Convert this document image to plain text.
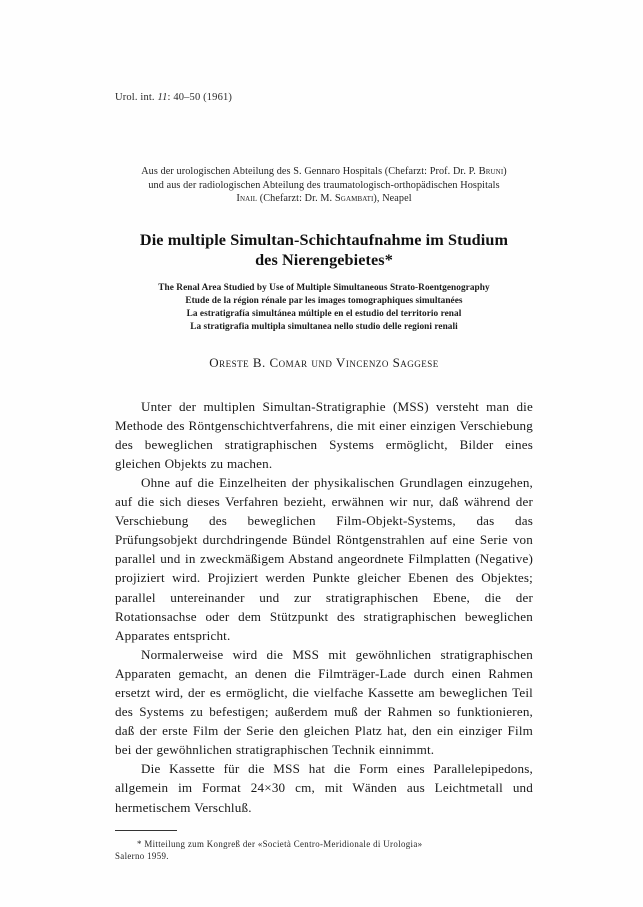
Urol. int. 11: 40–50 (1961)
Aus der urologischen Abteilung des S. Gennaro Hospitals (Chefarzt: Prof. Dr. P. Bruni)
und aus der radiologischen Abteilung des traumatologisch-orthopädischen Hospitals
Inail (Chefarzt: Dr. M. Sgambati), Neapel
Die multiple Simultan-Schichtaufnahme im Studium
des Nierengebietes*
The Renal Area Studied by Use of Multiple Simultaneous Strato-Roentgenography
Etude de la région rénale par les images tomographiques simultanées
La estratigrafía simultánea múltiple en el estudio del territorio renal
La stratigrafia multipla simultanea nello studio delle regioni renali
Oreste B. Comar und Vincenzo Saggese

Unter der multiplen Simultan-Stratigraphie (MSS) versteht man die Methode des Röntgenschichtverfahrens, die mit einer einzigen Verschiebung des beweglichen stratigraphischen Systems ermöglicht, Bilder eines gleichen Objekts zu machen.

Ohne auf die Einzelheiten der physikalischen Grundlagen einzugehen, auf die sich dieses Verfahren bezieht, erwähnen wir nur, daß während der Verschiebung des beweglichen Film-Objekt-Systems, das das Prüfungsobjekt durchdringende Bündel Röntgenstrahlen auf eine Serie von parallel und in zweckmäßigem Abstand angeordnete Filmplatten (Negative) projiziert wird. Projiziert werden Punkte gleicher Ebenen des Objektes; parallel untereinander und zur stratigraphischen Ebene, die der Rotationsachse oder dem Stützpunkt des stratigraphischen beweglichen Apparates entspricht.

Normalerweise wird die MSS mit gewöhnlichen stratigraphischen Apparaten gemacht, an denen die Filmträger-Lade durch einen Rahmen ersetzt wird, der es ermöglicht, die vielfache Kassette am beweglichen Teil des Systems zu befestigen; außerdem muß der Rahmen so funktionieren, daß der erste Film der Serie den gleichen Platz hat, den ein einziger Film bei der gewöhnlichen stratigraphischen Technik einnimmt.

Die Kassette für die MSS hat die Form eines Parallelepipedons, allgemein im Format 24×30 cm, mit Wänden aus Leichtmetall und hermetischem Verschluß.

* Mitteilung zum Kongreß der «Società Centro-Meridionale di Urologia»
Salerno 1959.
